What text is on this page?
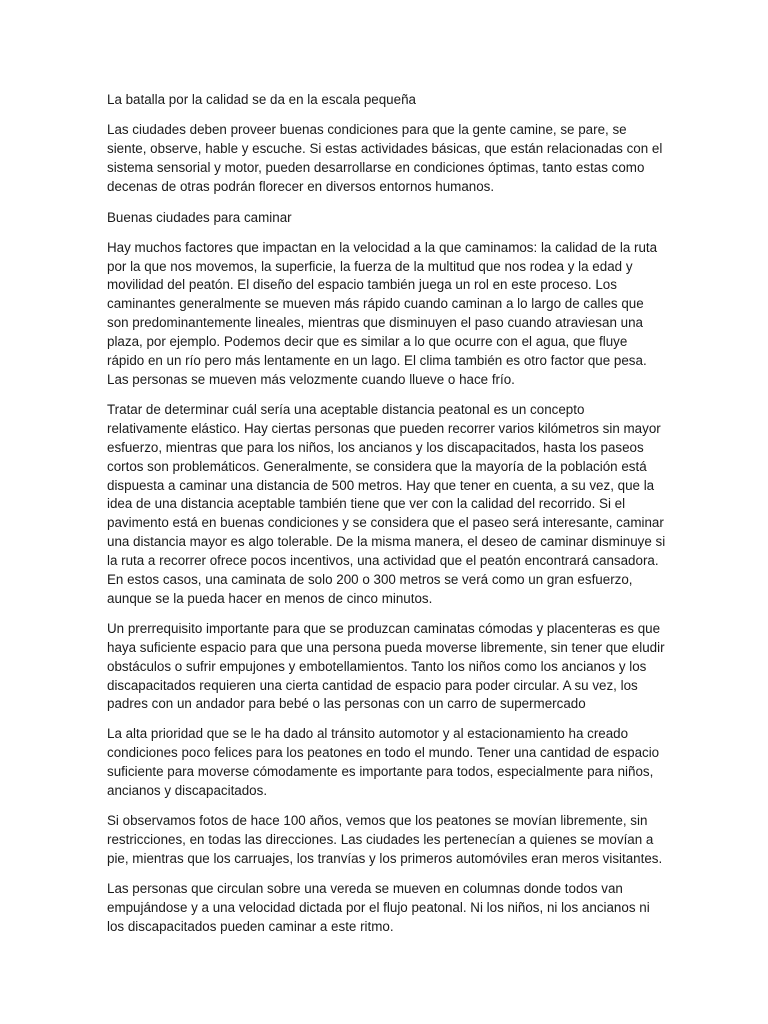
La batalla por la calidad se da en la escala pequeña

Las ciudades deben proveer buenas condiciones para que la gente camine, se pare, se siente, observe, hable y escuche. Si estas actividades básicas, que están relacionadas con el sistema sensorial y motor, pueden desarrollarse en condiciones óptimas, tanto estas como decenas de otras podrán florecer en diversos entornos humanos.

Buenas ciudades para caminar

Hay muchos factores que impactan en la velocidad a la que caminamos: la calidad de la ruta por la que nos movemos, la superficie, la fuerza de la multitud que nos rodea y la edad y movilidad del peatón. El diseño del espacio también juega un rol en este proceso. Los caminantes generalmente se mueven más rápido cuando caminan a lo largo de calles que son predominantemente lineales, mientras que disminuyen el paso cuando atraviesan una plaza, por ejemplo. Podemos decir que es similar a lo que ocurre con el agua, que fluye rápido en un río pero más lentamente en un lago. El clima también es otro factor que pesa. Las personas se mueven más velozmente cuando llueve o hace frío.

Tratar de determinar cuál sería una aceptable distancia peatonal es un concepto relativamente elástico. Hay ciertas personas que pueden recorrer varios kilómetros sin mayor esfuerzo, mientras que para los niños, los ancianos y los discapacitados, hasta los paseos cortos son problemáticos. Generalmente, se considera que la mayoría de la población está dispuesta a caminar una distancia de 500 metros. Hay que tener en cuenta, a su vez, que la idea de una distancia aceptable también tiene que ver con la calidad del recorrido. Si el pavimento está en buenas condiciones y se considera que el paseo será interesante, caminar una distancia mayor es algo tolerable. De la misma manera, el deseo de caminar disminuye si la ruta a recorrer ofrece pocos incentivos, una actividad que el peatón encontrará cansadora. En estos casos, una caminata de solo 200 o 300 metros se verá como un gran esfuerzo, aunque se la pueda hacer en menos de cinco minutos.

Un prerrequisito importante para que se produzcan caminatas cómodas y placenteras es que haya suficiente espacio para que una persona pueda moverse libremente, sin tener que eludir obstáculos o sufrir empujones y embotellamientos. Tanto los niños como los ancianos y los discapacitados requieren una cierta cantidad de espacio para poder circular. A su vez, los padres con un andador para bebé o las personas con un carro de supermercado

La alta prioridad que se le ha dado al tránsito automotor y al estacionamiento ha creado condiciones poco felices para los peatones en todo el mundo. Tener una cantidad de espacio suficiente para moverse cómodamente es importante para todos, especialmente para niños, ancianos y discapacitados.

Si observamos fotos de hace 100 años, vemos que los peatones se movían libremente, sin restricciones, en todas las direcciones. Las ciudades les pertenecían a quienes se movían a pie, mientras que los carruajes, los tranvías y los primeros automóviles eran meros visitantes.

Las personas que circulan sobre una vereda se mueven en columnas donde todos van empujándose y a una velocidad dictada por el flujo peatonal. Ni los niños, ni los ancianos ni los discapacitados pueden caminar a este ritmo.
